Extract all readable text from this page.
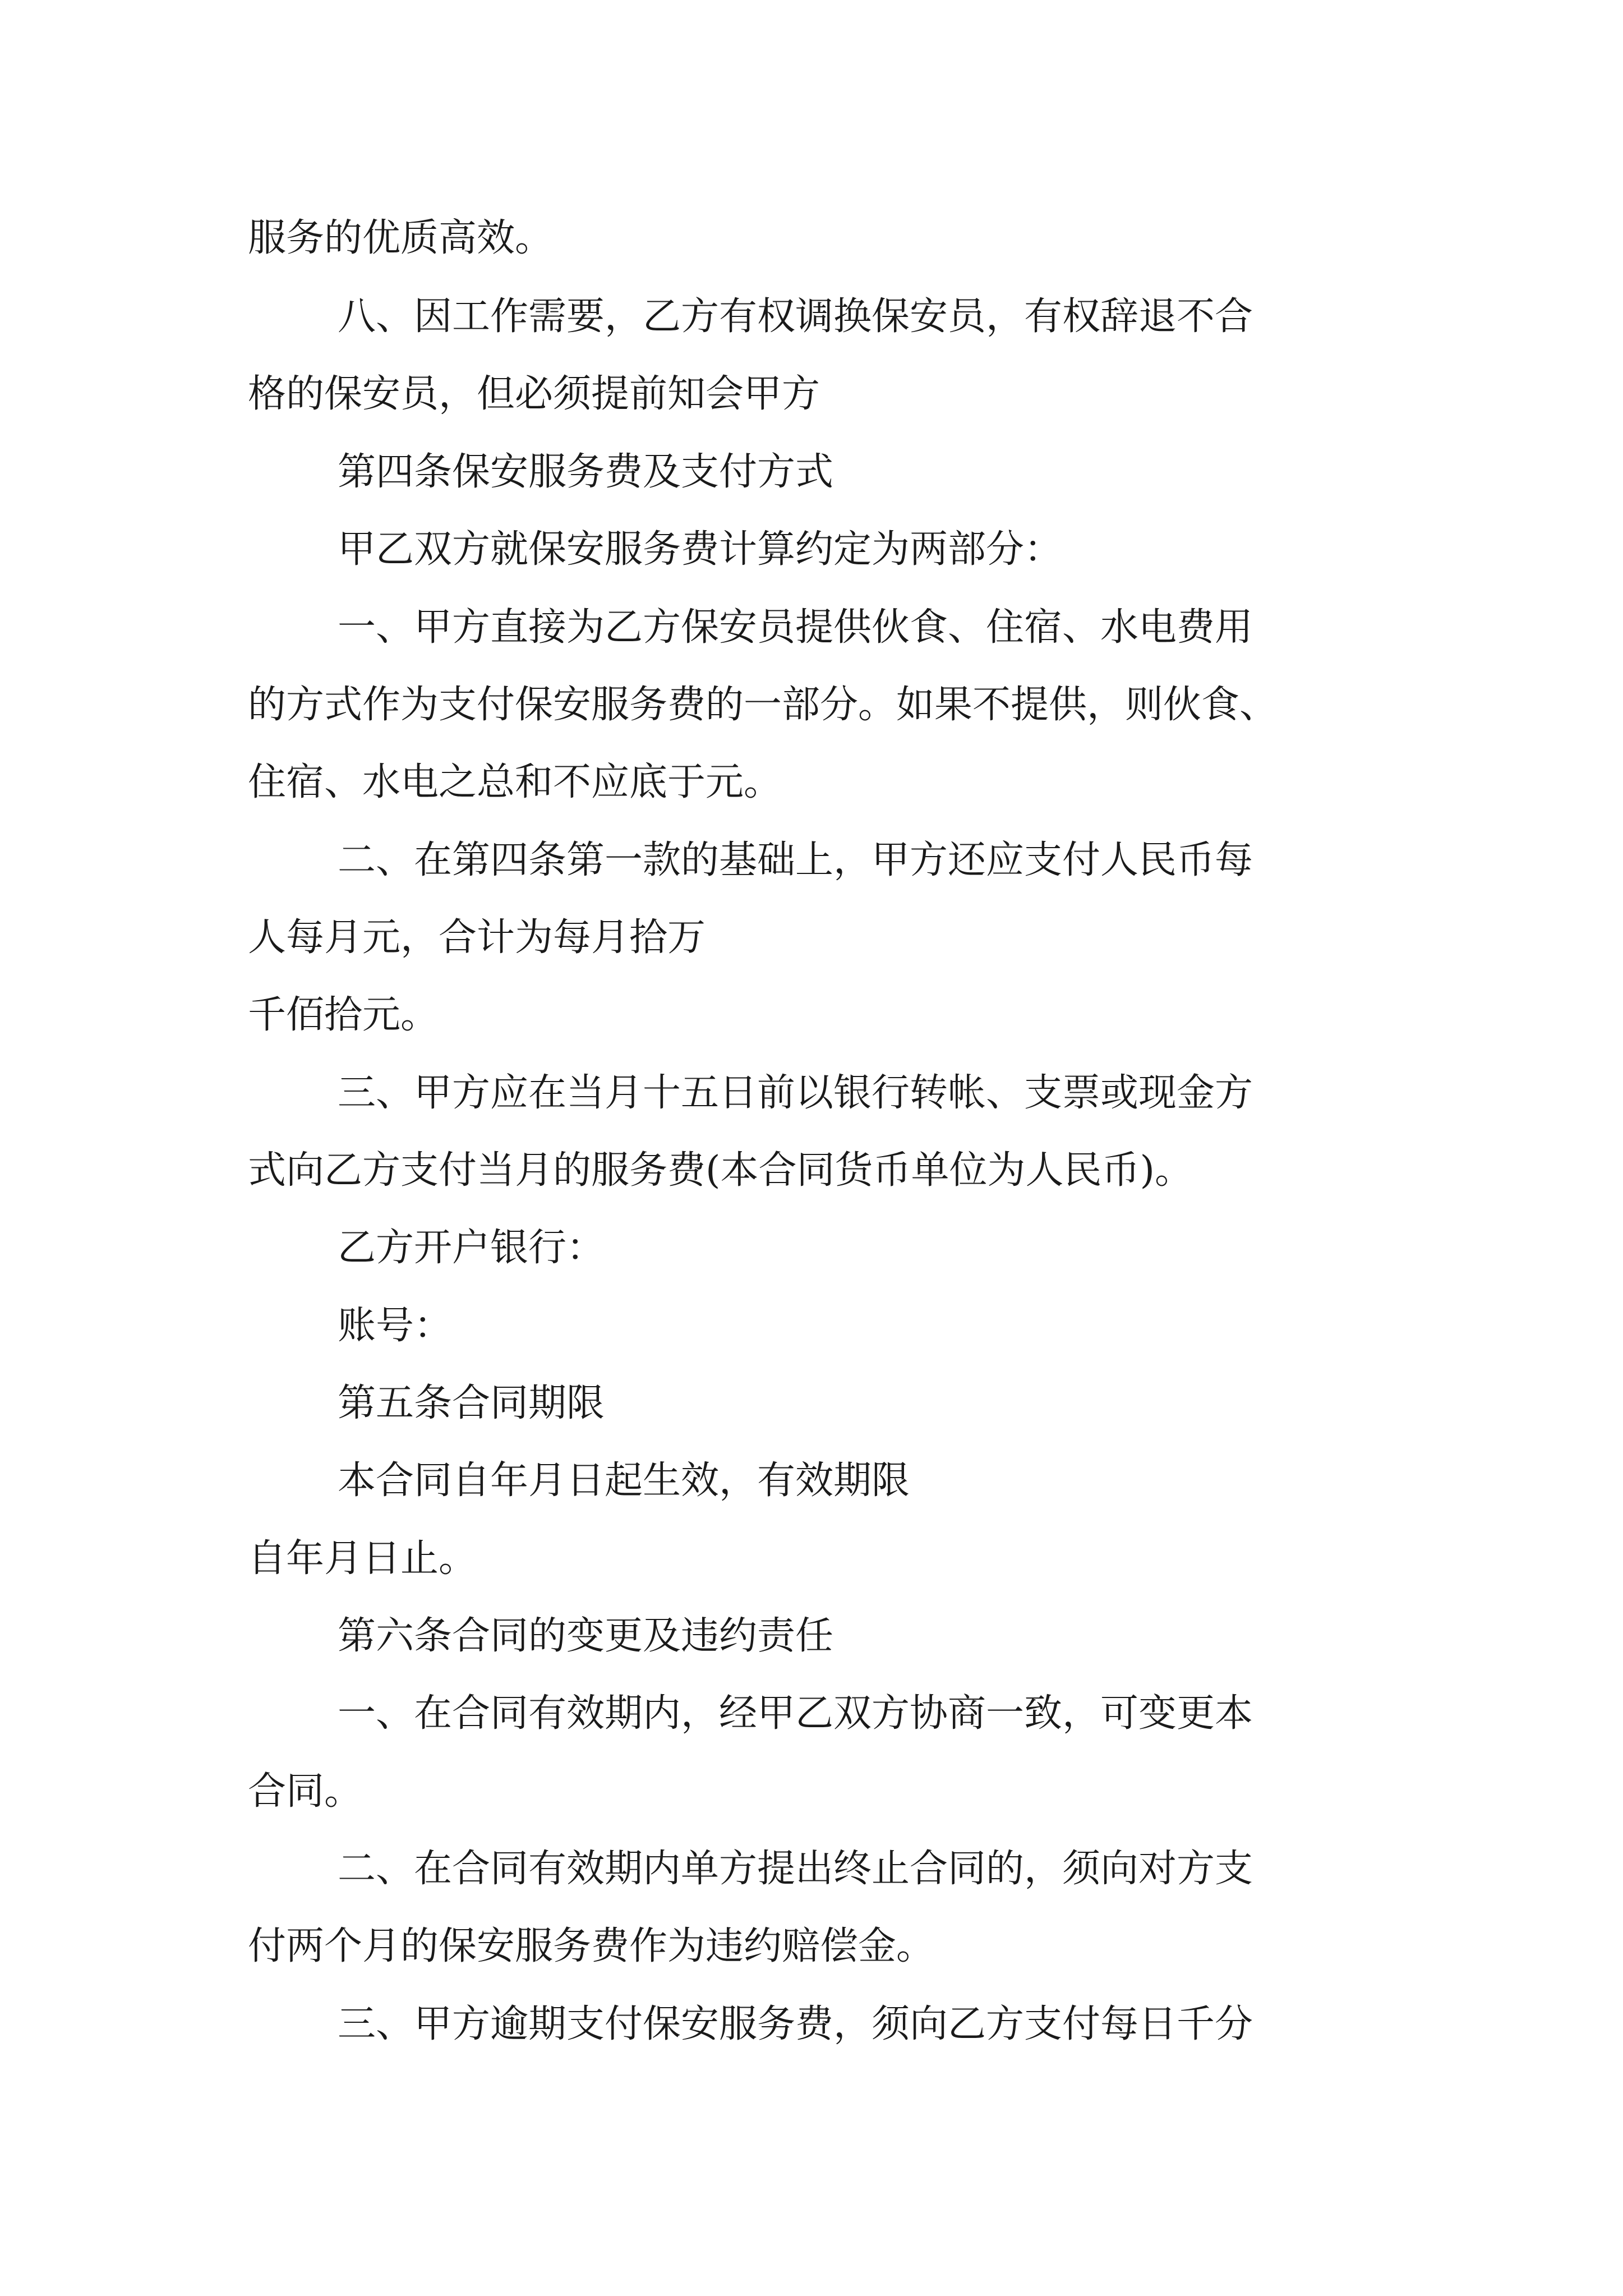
服务的优质高效。

八、因工作需要，乙方有权调换保安员，有权辞退不合

格的保安员，但必须提前知会甲方

第四条保安服务费及支付方式

甲乙双方就保安服务费计算约定为两部分：

一、甲方直接为乙方保安员提供伙食、住宿、水电费用

的方式作为支付保安服务费的一部分。如果不提供，则伙食、

住宿、水电之总和不应底于元。

二、在第四条第一款的基础上，甲方还应支付人民币每

人每月元，合计为每月拾万

千佰拾元。

三、甲方应在当月十五日前以银行转帐、支票或现金方

式向乙方支付当月的服务费(本合同货币单位为人民币)。

乙方开户银行：

账号：

第五条合同期限

本合同自年月日起生效，有效期限

自年月日止。

第六条合同的变更及违约责任

一、在合同有效期内，经甲乙双方协商一致，可变更本

合同。

二、在合同有效期内单方提出终止合同的，须向对方支

付两个月的保安服务费作为违约赔偿金。

三、甲方逾期支付保安服务费，须向乙方支付每日千分
